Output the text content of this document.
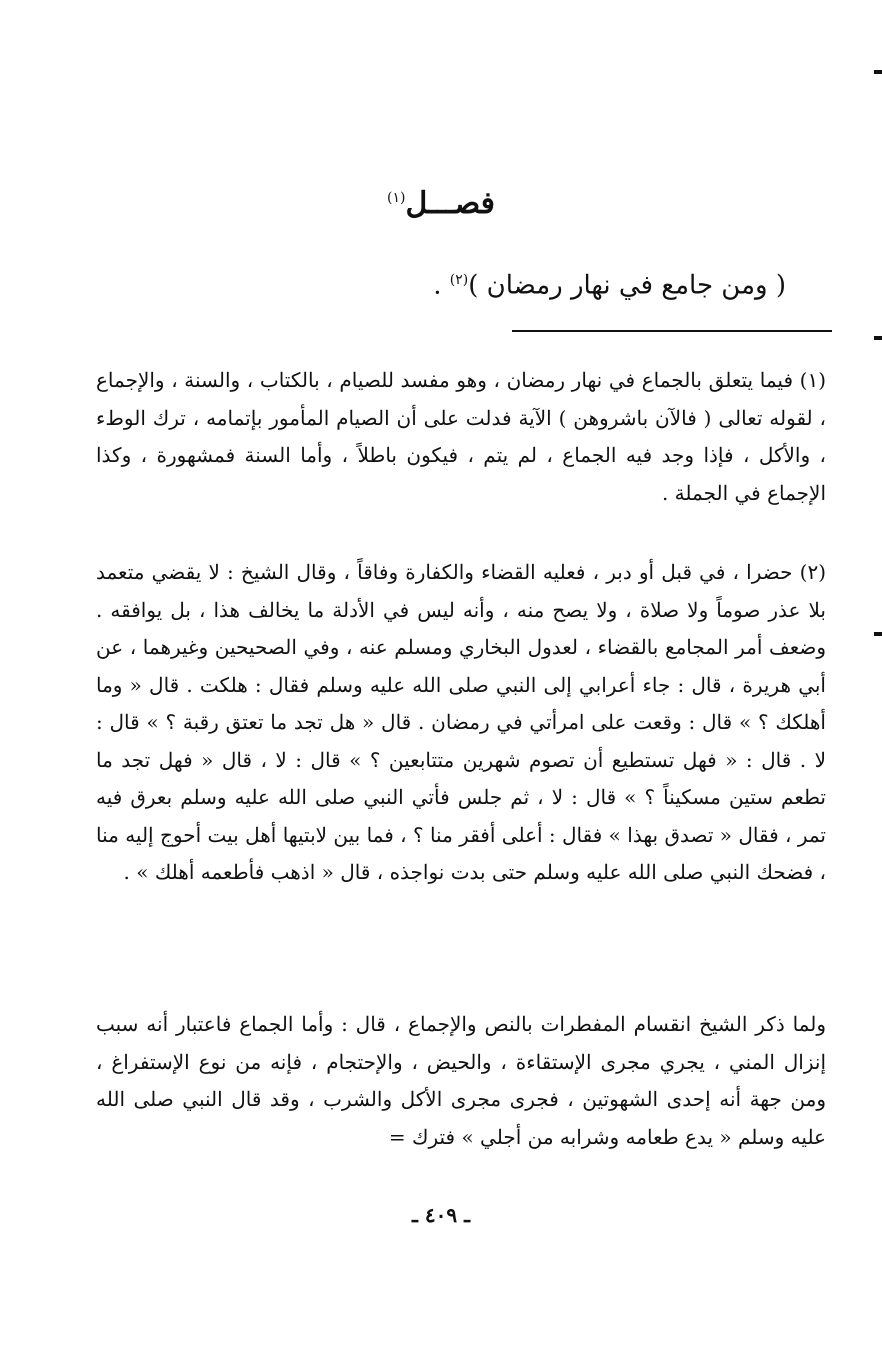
فصـــل$^{(١)}$
( ومن جامع في نهار رمضان )$^{(٢)}$ .

(١) فيما يتعلق بالجماع في نهار رمضان ، وهو مفسد للصيام ، بالكتاب ، والسنة ، والإجماع ، لقوله تعالى ( فالآن باشروهن ) الآية فدلت على أن الصيام المأمور بإتمامه ، ترك الوطء ، والأكل ، فإذا وجد فيه الجماع ، لم يتم ، فيكون باطلاً ، وأما السنة فمشهورة ، وكذا الإجماع في الجملة .

(٢) حضرا ، في قبل أو دبر ، فعليه القضاء والكفارة وفاقاً ، وقال الشيخ : لا يقضي متعمد بلا عذر صوماً ولا صلاة ، ولا يصح منه ، وأنه ليس في الأدلة ما يخالف هذا ، بل يوافقه . وضعف أمر المجامع بالقضاء ، لعدول البخاري ومسلم عنه ، وفي الصحيحين وغيرهما ، عن أبي هريرة ، قال : جاء أعرابي إلى النبي صلى الله عليه وسلم فقال : هلكت . قال « وما أهلكك ؟ » قال : وقعت على امرأتي في رمضان . قال « هل تجد ما تعتق رقبة ؟ » قال : لا . قال : « فهل تستطيع أن تصوم شهرين متتابعين ؟ » قال : لا ، قال « فهل تجد ما تطعم ستين مسكيناً ؟ » قال : لا ، ثم جلس فأتي النبي صلى الله عليه وسلم بعرق فيه تمر ، فقال « تصدق بهذا » فقال : أعلى أفقر منا ؟ ، فما بين لابتيها أهل بيت أحوج إليه منا ، فضحك النبي صلى الله عليه وسلم حتى بدت نواجذه ، قال « اذهب فأطعمه أهلك » .

ولما ذكر الشيخ انقسام المفطرات بالنص والإجماع ، قال : وأما الجماع فاعتبار أنه سبب إنزال المني ، يجري مجرى الإستقاءة ، والحيض ، والإحتجام ، فإنه من نوع الإستفراغ ، ومن جهة أنه إحدى الشهوتين ، فجرى مجرى الأكل والشرب ، وقد قال النبي صلى الله عليه وسلم « يدع طعامه وشرابه من أجلي » فترك =

ـ ٤٠٩ ـ
